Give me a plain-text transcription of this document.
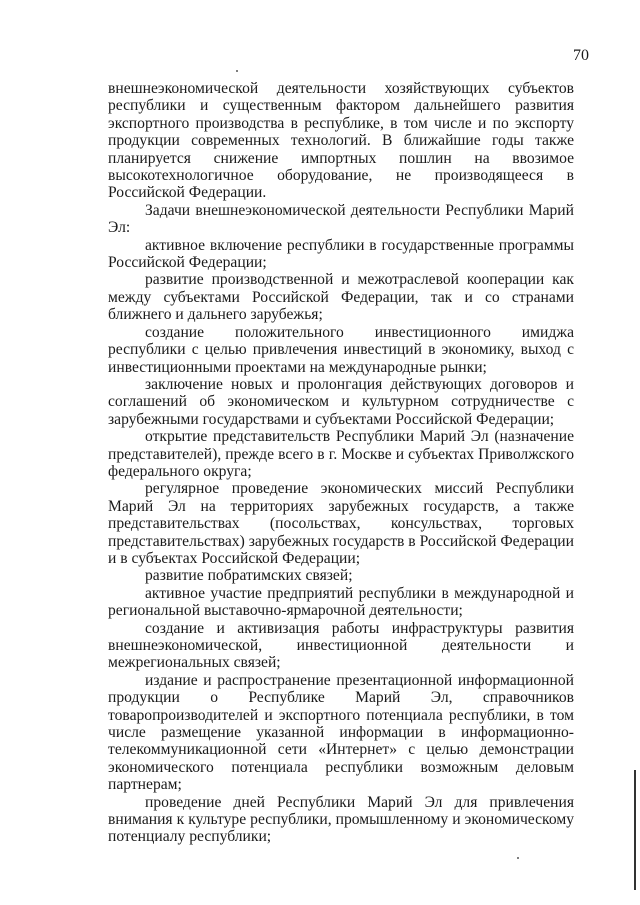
70

внешнеэкономической деятельности хозяйствующих субъектов республики и существенным фактором дальнейшего развития экспортного производства в республике, в том числе и по экспорту продукции современных технологий. В ближайшие годы также планируется снижение импортных пошлин на ввозимое высокотехнологичное оборудование, не производящееся в Российской Федерации.

Задачи внешнеэкономической деятельности Республики Марий Эл:

активное включение республики в государственные программы Российской Федерации;

развитие производственной и межотраслевой кооперации как между субъектами Российской Федерации, так и со странами ближнего и дальнего зарубежья;

создание положительного инвестиционного имиджа республики с целью привлечения инвестиций в экономику, выход с инвестиционными проектами на международные рынки;

заключение новых и пролонгация действующих договоров и соглашений об экономическом и культурном сотрудничестве с зарубежными государствами и субъектами Российской Федерации;

открытие представительств Республики Марий Эл (назначение представителей), прежде всего в г. Москве и субъектах Приволжского федерального округа;

регулярное проведение экономических миссий Республики Марий Эл на территориях зарубежных государств, а также представительствах (посольствах, консульствах, торговых представительствах) зарубежных государств в Российской Федерации и в субъектах Российской Федерации;

развитие побратимских связей;

активное участие предприятий республики в международной и региональной выставочно-ярмарочной деятельности;

создание и активизация работы инфраструктуры развития внешнеэкономической, инвестиционной деятельности и межрегиональных связей;

издание и распространение презентационной информационной продукции о Республике Марий Эл, справочников товаропроизводителей и экспортного потенциала республики, в том числе размещение указанной информации в информационно-телекоммуникационной сети «Интернет» с целью демонстрации экономического потенциала республики возможным деловым партнерам;

проведение дней Республики Марий Эл для привлечения внимания к культуре республики, промышленному и экономическому потенциалу республики;
